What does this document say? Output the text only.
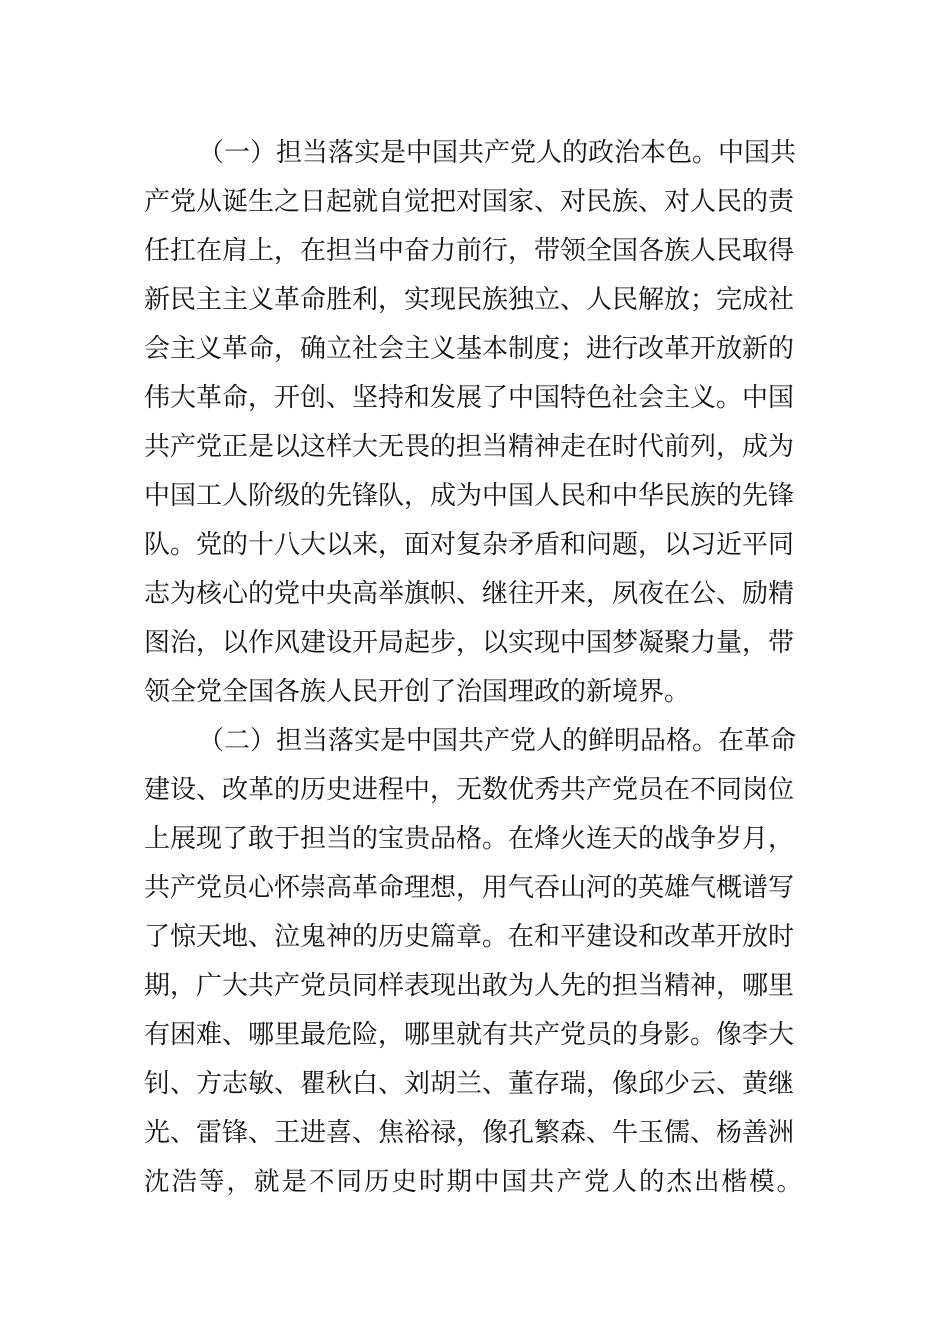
（一）担当落实是中国共产党人的政治本色。中国共
产党从诞生之日起就自觉把对国家、对民族、对人民的责
任扛在肩上，在担当中奋力前行，带领全国各族人民取得
新民主主义革命胜利，实现民族独立、人民解放；完成社
会主义革命，确立社会主义基本制度；进行改革开放新的
伟大革命，开创、坚持和发展了中国特色社会主义。中国
共产党正是以这样大无畏的担当精神走在时代前列，成为
中国工人阶级的先锋队，成为中国人民和中华民族的先锋
队。党的十八大以来，面对复杂矛盾和问题，以习近平同
志为核心的党中央高举旗帜、继往开来，夙夜在公、励精
图治，以作风建设开局起步，以实现中国梦凝聚力量，带
领全党全国各族人民开创了治国理政的新境界。
（二）担当落实是中国共产党人的鲜明品格。在革命
建设、改革的历史进程中，无数优秀共产党员在不同岗位
上展现了敢于担当的宝贵品格。在烽火连天的战争岁月，
共产党员心怀崇高革命理想，用气吞山河的英雄气概谱写
了惊天地、泣鬼神的历史篇章。在和平建设和改革开放时
期，广大共产党员同样表现出敢为人先的担当精神，哪里
有困难、哪里最危险，哪里就有共产党员的身影。像李大
钊、方志敏、瞿秋白、刘胡兰、董存瑞，像邱少云、黄继
光、雷锋、王进喜、焦裕禄，像孔繁森、牛玉儒、杨善洲
沈浩等，就是不同历史时期中国共产党人的杰出楷模。
